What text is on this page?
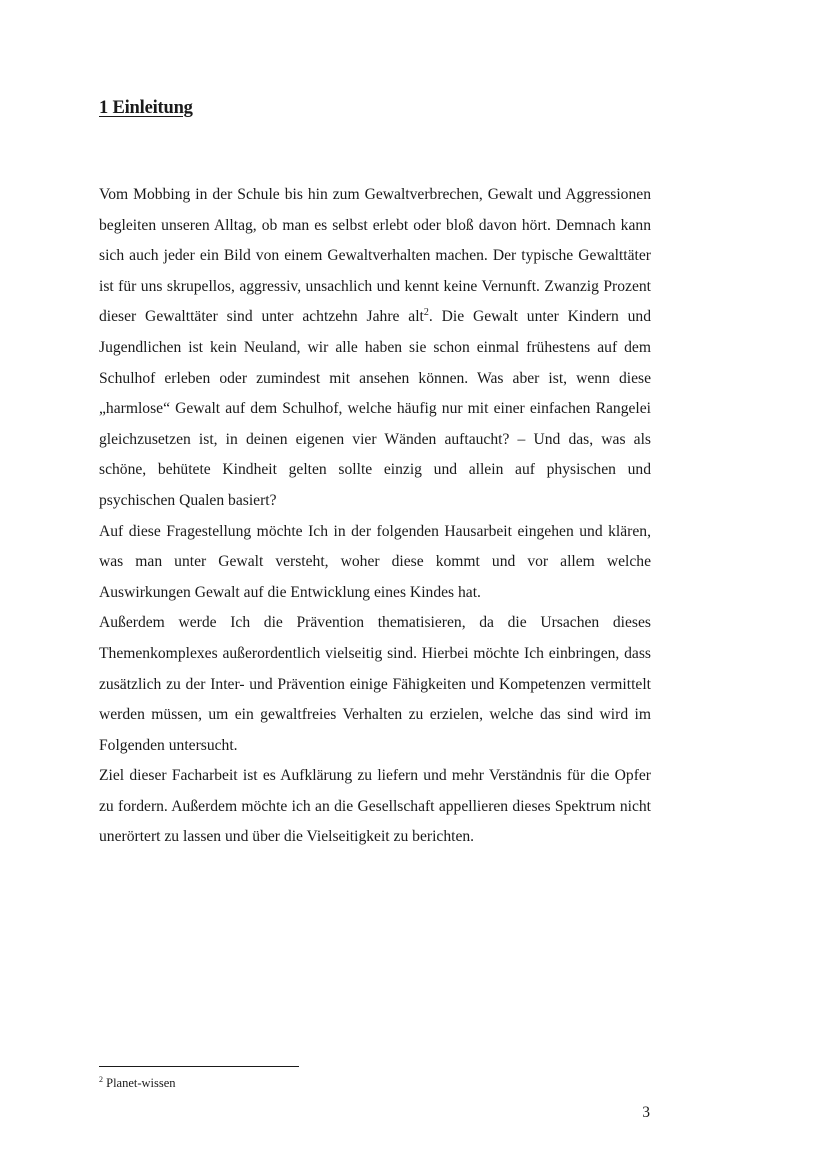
1 Einleitung

Vom Mobbing in der Schule bis hin zum Gewaltverbrechen, Gewalt und Aggressionen begleiten unseren Alltag, ob man es selbst erlebt oder bloß davon hört. Demnach kann sich auch jeder ein Bild von einem Gewaltverhalten machen. Der typische Gewalttäter ist für uns skrupellos, aggressiv, unsachlich und kennt keine Vernunft. Zwanzig Prozent dieser Gewalttäter sind unter achtzehn Jahre alt$^2$. Die Gewalt unter Kindern und Jugendlichen ist kein Neuland, wir alle haben sie schon einmal frühestens auf dem Schulhof erleben oder zumindest mit ansehen können. Was aber ist, wenn diese „harmlose“ Gewalt auf dem Schulhof, welche häufig nur mit einer einfachen Rangelei gleichzusetzen ist, in deinen eigenen vier Wänden auftaucht? – Und das, was als schöne, behütete Kindheit gelten sollte einzig und allein auf physischen und psychischen Qualen basiert?

Auf diese Fragestellung möchte Ich in der folgenden Hausarbeit eingehen und klären, was man unter Gewalt versteht, woher diese kommt und vor allem welche Auswirkungen Gewalt auf die Entwicklung eines Kindes hat.

Außerdem werde Ich die Prävention thematisieren, da die Ursachen dieses Themenkomplexes außerordentlich vielseitig sind. Hierbei möchte Ich einbringen, dass zusätzlich zu der Inter- und Prävention einige Fähigkeiten und Kompetenzen vermittelt werden müssen, um ein gewaltfreies Verhalten zu erzielen, welche das sind wird im Folgenden untersucht.

Ziel dieser Facharbeit ist es Aufklärung zu liefern und mehr Verständnis für die Opfer zu fordern. Außerdem möchte ich an die Gesellschaft appellieren dieses Spektrum nicht unerörtert zu lassen und über die Vielseitigkeit zu berichten.

$^2$ Planet-wissen

3
